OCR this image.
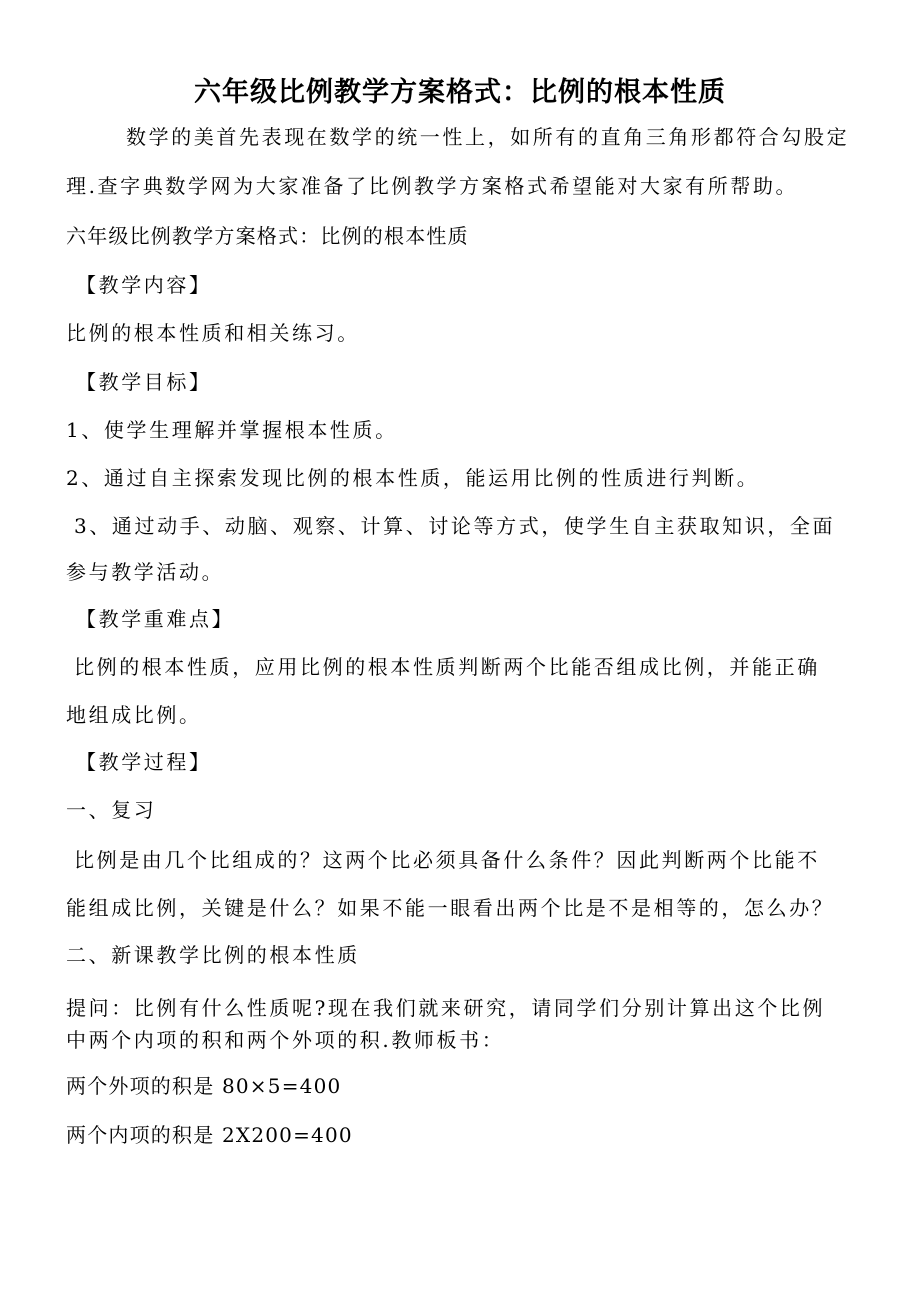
六年级比例教学方案格式：比例的根本性质
数学的美首先表现在数学的统一性上，如所有的直角三角形都符合勾股定
理.查字典数学网为大家准备了比例教学方案格式希望能对大家有所帮助。
六年级比例教学方案格式：比例的根本性质
【教学内容】
比例的根本性质和相关练习。
【教学目标】
1、使学生理解并掌握根本性质。
2、通过自主探索发现比例的根本性质，能运用比例的性质进行判断。
3、通过动手、动脑、观察、计算、讨论等方式，使学生自主获取知识，全面
参与教学活动。
【教学重难点】
比例的根本性质，应用比例的根本性质判断两个比能否组成比例，并能正确
地组成比例。
【教学过程】
一、复习
比例是由几个比组成的？这两个比必须具备什么条件？因此判断两个比能不
能组成比例，关键是什么？如果不能一眼看出两个比是不是相等的，怎么办？
二、新课教学比例的根本性质
提问：比例有什么性质呢?现在我们就来研究，请同学们分别计算出这个比例
中两个内项的积和两个外项的积.教师板书：
两个外项的积是 80×5=400
两个内项的积是 2X200=400
